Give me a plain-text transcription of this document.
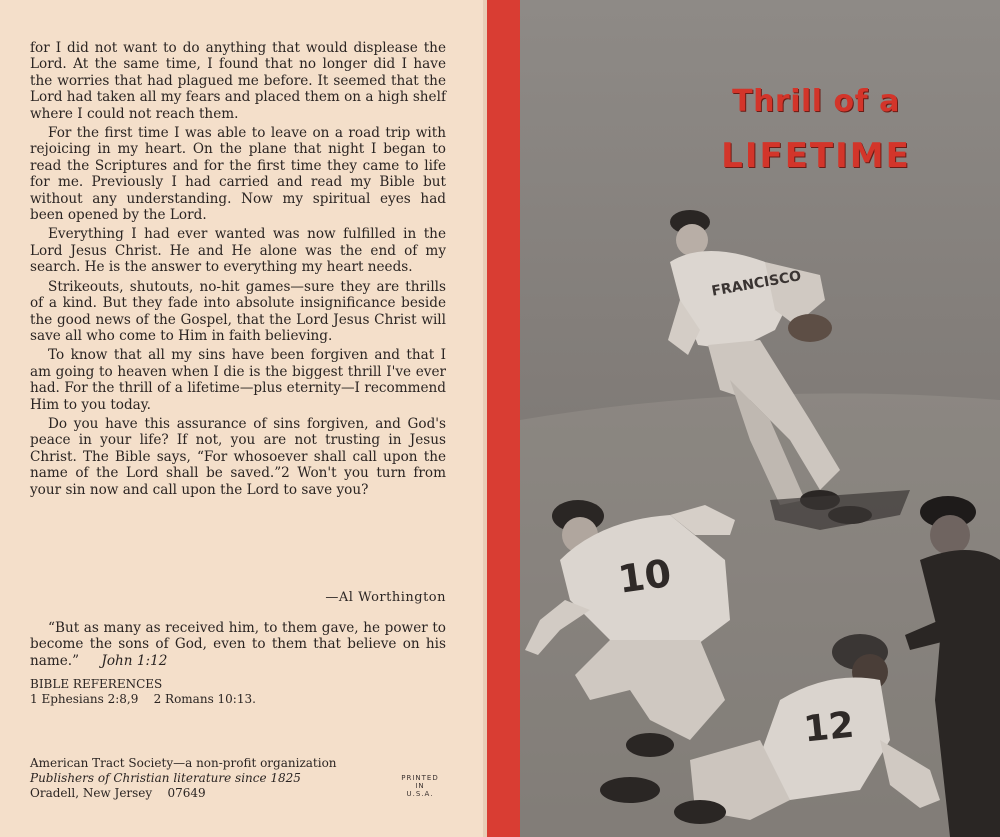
for I did not want to do anything that would displease the Lord. At the same time, I found that no longer did I have the worries that had plagued me before. It seemed that the Lord had taken all my fears and placed them on a high shelf where I could not reach them.

For the first time I was able to leave on a road trip with rejoicing in my heart. On the plane that night I began to read the Scriptures and for the first time they came to life for me. Previously I had carried and read my Bible but without any understanding. Now my spiritual eyes had been opened by the Lord.

Everything I had ever wanted was now fulfilled in the Lord Jesus Christ. He and He alone was the end of my search. He is the answer to everything my heart needs.

Strikeouts, shutouts, no-hit games—sure they are thrills of a kind. But they fade into absolute insignificance beside the good news of the Gospel, that the Lord Jesus Christ will save all who come to Him in faith believing.

To know that all my sins have been forgiven and that I am going to heaven when I die is the biggest thrill I've ever had. For the thrill of a lifetime—plus eternity—I recommend Him to you today.

Do you have this assurance of sins forgiven, and God's peace in your life? If not, you are not trusting in Jesus Christ. The Bible says, “For whosoever shall call upon the name of the Lord shall be saved.”2 Won't you turn from your sin now and call upon the Lord to save you?

—Al Worthington
“But as many as received him, to them gave, he power to become the sons of God, even to them that believe on his name.” John 1:12
BIBLE REFERENCES
1 Ephesians 2:8,9    2 Romans 10:13.
American Tract Society—a non-profit organization
Publishers of Christian literature since 1825
Oradell, New Jersey    07649
PRINTED
IN
U.S.A.
10
12
FRANCISCO
Thrill of a
LIFETIME
